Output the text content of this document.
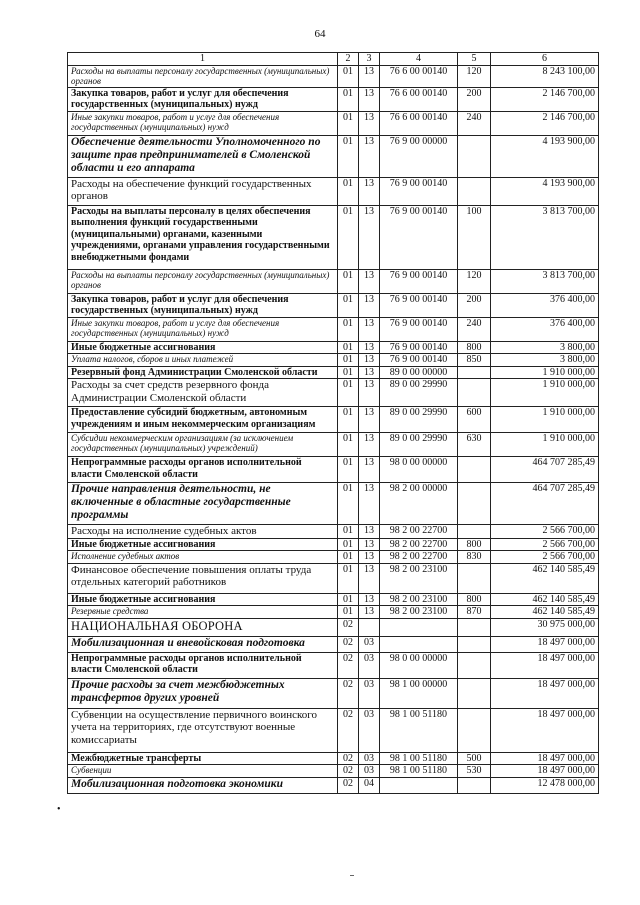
64
1	2	3	4	5	6
Расходы на выплаты персоналу государственных (муниципальных) органов	01	13	76 6 00 00140	120	8 243 100,00
Закупка товаров, работ и услуг для обеспечения государственных (муниципальных) нужд	01	13	76 6 00 00140	200	2 146 700,00
Иные закупки товаров, работ и услуг для обеспечения государственных (муниципальных) нужд	01	13	76 6 00 00140	240	2 146 700,00
Обеспечение деятельности Уполномоченного по защите прав предпринимателей в Смоленской области и его аппарата	01	13	76 9 00 00000		4 193 900,00
Расходы на обеспечение функций государственных органов	01	13	76 9 00 00140		4 193 900,00
Расходы на выплаты персоналу в целях обеспечения выполнения функций государственными (муниципальными) органами, казенными учреждениями, органами управления государственными внебюджетными фондами	01	13	76 9 00 00140	100	3 813 700,00
Расходы на выплаты персоналу государственных (муниципальных) органов	01	13	76 9 00 00140	120	3 813 700,00
Закупка товаров, работ и услуг для обеспечения государственных (муниципальных) нужд	01	13	76 9 00 00140	200	376 400,00
Иные закупки товаров, работ и услуг для обеспечения государственных (муниципальных) нужд	01	13	76 9 00 00140	240	376 400,00
Иные бюджетные ассигнования	01	13	76 9 00 00140	800	3 800,00
Уплата налогов, сборов и иных платежей	01	13	76 9 00 00140	850	3 800,00
Резервный фонд Администрации Смоленской области	01	13	89 0 00 00000		1 910 000,00
Расходы за счет средств резервного фонда Администрации Смоленской области	01	13	89 0 00 29990		1 910 000,00
Предоставление субсидий бюджетным, автономным учреждениям и иным некоммерческим организациям	01	13	89 0 00 29990	600	1 910 000,00
Субсидии некоммерческим организациям (за исключением государственных (муниципальных) учреждений)	01	13	89 0 00 29990	630	1 910 000,00
Непрограммные расходы органов исполнительной власти Смоленской области	01	13	98 0 00 00000		464 707 285,49
Прочие направления деятельности, не включенные в областные государственные программы	01	13	98 2 00 00000		464 707 285,49
Расходы на исполнение судебных актов	01	13	98 2 00 22700		2 566 700,00
Иные бюджетные ассигнования	01	13	98 2 00 22700	800	2 566 700,00
Исполнение судебных актов	01	13	98 2 00 22700	830	2 566 700,00
Финансовое обеспечение повышения оплаты труда отдельных категорий работников	01	13	98 2 00 23100		462 140 585,49
Иные бюджетные ассигнования	01	13	98 2 00 23100	800	462 140 585,49
Резервные средства	01	13	98 2 00 23100	870	462 140 585,49
НАЦИОНАЛЬНАЯ ОБОРОНА	02				30 975 000,00
Мобилизационная и вневойсковая подготовка	02	03			18 497 000,00
Непрограммные расходы органов исполнительной власти Смоленской области	02	03	98 0 00 00000		18 497 000,00
Прочие расходы за счет межбюджетных трансфертов других уровней	02	03	98 1 00 00000		18 497 000,00
Субвенции на осуществление первичного воинского учета на территориях, где отсутствуют военные комиссариаты	02	03	98 1 00 51180		18 497 000,00
Межбюджетные трансферты	02	03	98 1 00 51180	500	18 497 000,00
Субвенции	02	03	98 1 00 51180	530	18 497 000,00
Мобилизационная подготовка экономики	02	04			12 478 000,00
•
